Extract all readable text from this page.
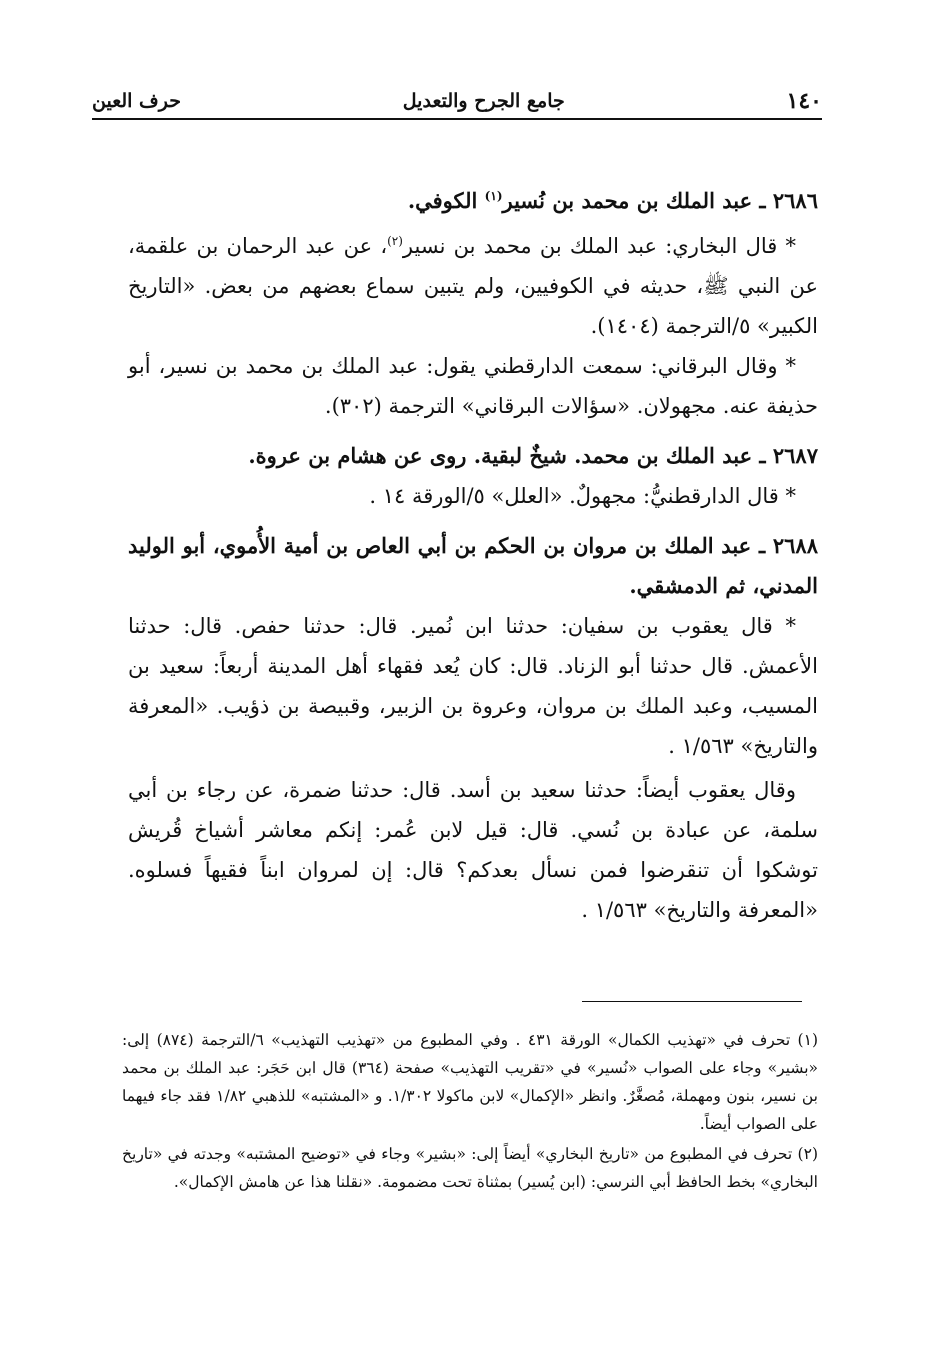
حرف العين	جامع الجرح والتعديل	١٤٠
٢٦٨٦ ـ عبد الملك بن محمد بن نُسير$^{(١)}$ الكوفي.
* قال البخاري: عبد الملك بن محمد بن نسير$^{(٢)}$، عن عبد الرحمان بن علقمة، عن النبي ﷺ، حديثه في الكوفيين، ولم يتبين سماع بعضهم من بعض. «التاريخ الكبير» ٥/الترجمة (١٤٠٤).
* وقال البرقاني: سمعت الدارقطني يقول: عبد الملك بن محمد بن نسير، أبو حذيفة عنه. مجهولان. «سؤالات البرقاني» الترجمة (٣٠٢).
٢٦٨٧ ـ عبد الملك بن محمد. شيخٌ لبقية. روى عن هشام بن عروة.
* قال الدارقطنيُّ: مجهولٌ. «العلل» ٥/الورقة ١٤ .
٢٦٨٨ ـ عبد الملك بن مروان بن الحكم بن أبي العاص بن أمية الأُموي، أبو الوليد المدني، ثم الدمشقي.
* قال يعقوب بن سفيان: حدثنا ابن نُمير. قال: حدثنا حفص. قال: حدثنا الأعمش. قال حدثنا أبو الزناد. قال: كان يُعد فقهاء أهل المدينة أربعاً: سعيد بن المسيب، وعبد الملك بن مروان، وعروة بن الزبير، وقبيصة بن ذؤيب. «المعرفة والتاريخ» ١/٥٦٣ .
وقال يعقوب أيضاً: حدثنا سعيد بن أسد. قال: حدثنا ضمرة، عن رجاء بن أبي سلمة، عن عبادة بن نُسي. قال: قيل لابن عُمر: إنكم معاشر أشياخ قُريش توشكوا أن تنقرضوا فمن نسأل بعدكم؟ قال: إن لمروان ابناً فقيهاً فسلوه. «المعرفة والتاريخ» ١/٥٦٣ .
(١) تحرف في «تهذيب الكمال» الورقة ٤٣١ . وفي المطبوع من «تهذيب التهذيب» ٦/الترجمة (٨٧٤) إلى: «بشير» وجاء على الصواب «نُسير» في «تقريب التهذيب» صفحة (٣٦٤) قال ابن حَجَر: عبد الملك بن محمد بن نسير، بنون ومهملة، مُصغَّرٌ. وانظر «الإكمال» لابن ماكولا ١/٣٠٢. و «المشتبه» للذهبي ١/٨٢ فقد جاء فيهما على الصواب أيضاً.
(٢) تحرف في المطبوع من «تاريخ البخاري» أيضاً إلى: «بشير» وجاء في «توضيح المشتبه» وجدته في «تاريخ البخاري» بخط الحافظ أبي النرسي: (ابن يُسير) بمثناة تحت مضمومة. «نقلنا هذا عن هامش الإكمال».
